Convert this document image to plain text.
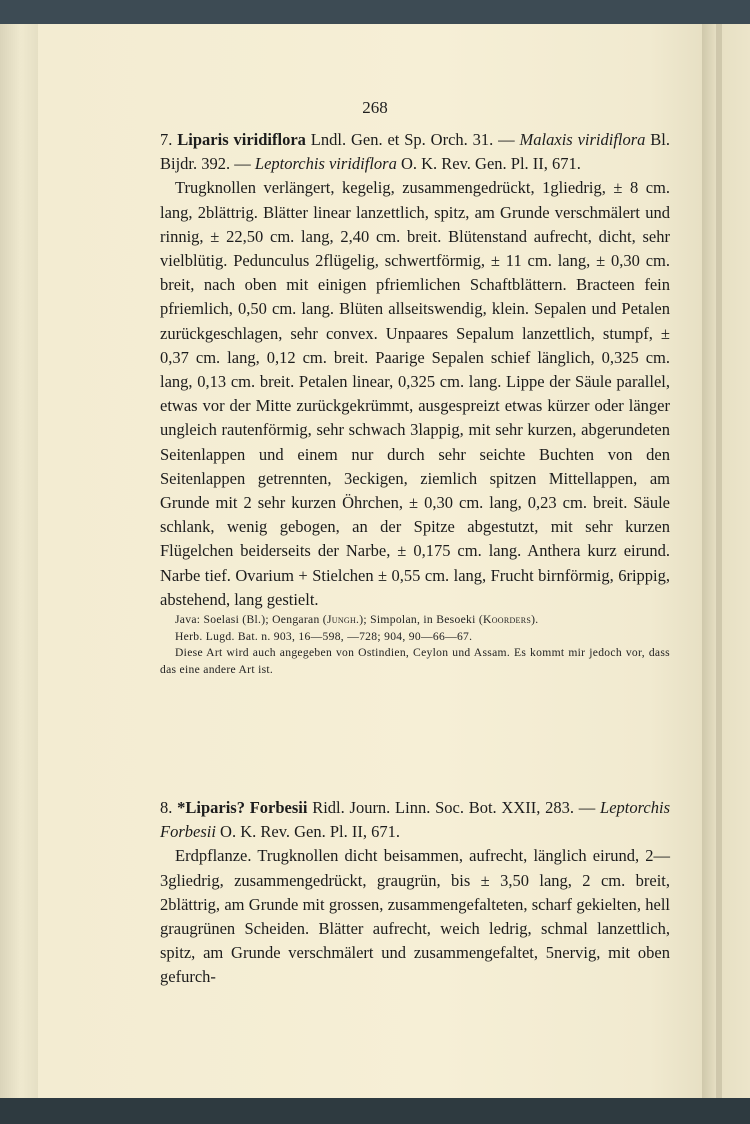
268

7. Liparis viridiflora Lndl. Gen. et Sp. Orch. 31. — Malaxis viridiflora Bl. Bijdr. 392. — Leptorchis viridiflora O. K. Rev. Gen. Pl. II, 671.

Trugknollen verlängert, kegelig, zusammengedrückt, 1gliedrig, ± 8 cm. lang, 2blättrig. Blätter linear lanzettlich, spitz, am Grunde verschmälert und rinnig, ± 22,50 cm. lang, 2,40 cm. breit. Blütenstand aufrecht, dicht, sehr vielblütig. Pedunculus 2flügelig, schwertförmig, ± 11 cm. lang, ± 0,30 cm. breit, nach oben mit einigen pfriemlichen Schaftblättern. Bracteen fein pfriemlich, 0,50 cm. lang. Blüten allseitswendig, klein. Sepalen und Petalen zurückgeschlagen, sehr convex. Unpaares Sepalum lanzettlich, stumpf, ± 0,37 cm. lang, 0,12 cm. breit. Paarige Sepalen schief länglich, 0,325 cm. lang, 0,13 cm. breit. Petalen linear, 0,325 cm. lang. Lippe der Säule parallel, etwas vor der Mitte zurückgekrümmt, ausgespreizt etwas kürzer oder länger ungleich rautenförmig, sehr schwach 3lappig, mit sehr kurzen, abgerundeten Seitenlappen und einem nur durch sehr seichte Buchten von den Seitenlappen getrennten, 3eckigen, ziemlich spitzen Mittellappen, am Grunde mit 2 sehr kurzen Öhrchen, ± 0,30 cm. lang, 0,23 cm. breit. Säule schlank, wenig gebogen, an der Spitze abgestutzt, mit sehr kurzen Flügelchen beiderseits der Narbe, ± 0,175 cm. lang. Anthera kurz eirund. Narbe tief. Ovarium + Stielchen ± 0,55 cm. lang, Frucht birnförmig, 6rippig, abstehend, lang gestielt.

Java: Soelasi (Bl.); Oengaran (Jungh.); Simpolan, in Besoeki (Koorders).

Herb. Lugd. Bat. n. 903, 16—598, —728; 904, 90—66—67.

Diese Art wird auch angegeben von Ostindien, Ceylon und Assam. Es kommt mir jedoch vor, dass das eine andere Art ist.

8. *Liparis? Forbesii Ridl. Journ. Linn. Soc. Bot. XXII, 283. — Leptorchis Forbesii O. K. Rev. Gen. Pl. II, 671.

Erdpflanze. Trugknollen dicht beisammen, aufrecht, länglich eirund, 2—3gliedrig, zusammengedrückt, graugrün, bis ± 3,50 lang, 2 cm. breit, 2blättrig, am Grunde mit grossen, zusammengefalteten, scharf gekielten, hell graugrünen Scheiden. Blätter aufrecht, weich ledrig, schmal lanzettlich, spitz, am Grunde verschmälert und zusammengefaltet, 5nervig, mit oben gefurch-
